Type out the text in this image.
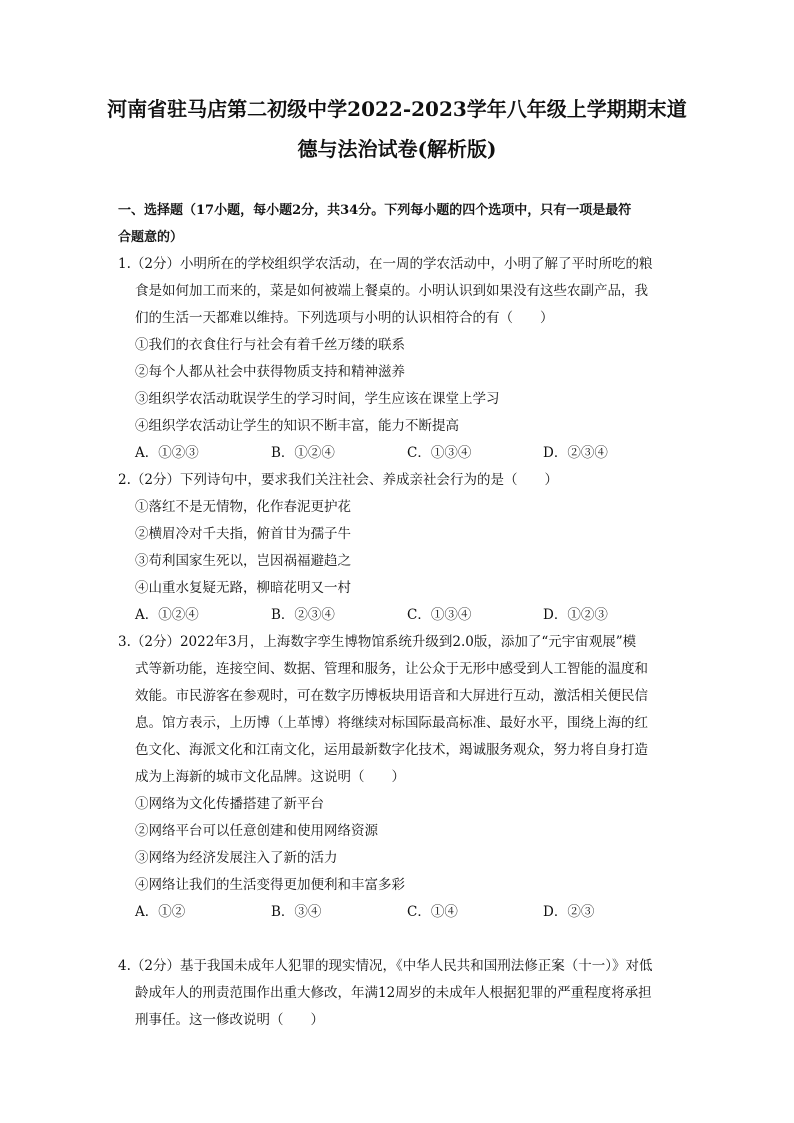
河南省驻马店第二初级中学2022-2023学年八年级上学期期末道
德与法治试卷(解析版)

一、选择题（17小题，每小题2分，共34分。下列每小题的四个选项中，只有一项是最符

合题意的）

1.（2分）小明所在的学校组织学农活动，在一周的学农活动中，小明了解了平时所吃的粮
食是如何加工而来的，菜是如何被端上餐桌的。小明认识到如果没有这些农副产品，我
们的生活一天都难以维持。下列选项与小明的认识相符合的有（　　）
①我们的衣食住行与社会有着千丝万缕的联系
②每个人都从社会中获得物质支持和精神滋养
③组织学农活动耽误学生的学习时间，学生应该在课堂上学习
④组织学农活动让学生的知识不断丰富，能力不断提高
A．①②③	B．①②④	C．①③④	D．②③④
2.（2分）下列诗句中，要求我们关注社会、养成亲社会行为的是（　　）
①落红不是无情物，化作春泥更护花
②横眉冷对千夫指，俯首甘为孺子牛
③苟利国家生死以，岂因祸福避趋之
④山重水复疑无路，柳暗花明又一村
A．①②④	B．②③④	C．①③④	D．①②③
3.（2分）2022年3月，上海数字孪生博物馆系统升级到2.0版，添加了“元宇宙观展”模
式等新功能，连接空间、数据、管理和服务，让公众于无形中感受到人工智能的温度和
效能。市民游客在参观时，可在数字历博板块用语音和大屏进行互动，激活相关便民信
息。馆方表示，上历博（上革博）将继续对标国际最高标准、最好水平，围绕上海的红
色文化、海派文化和江南文化，运用最新数字化技术，竭诚服务观众，努力将自身打造
成为上海新的城市文化品牌。这说明（　　）
①网络为文化传播搭建了新平台
②网络平台可以任意创建和使用网络资源
③网络为经济发展注入了新的活力
④网络让我们的生活变得更加便利和丰富多彩
A．①②	B．③④	C．①④	D．②③
4.（2分）基于我国未成年人犯罪的现实情况，《中华人民共和国刑法修正案（十一）》对低
龄成年人的刑责范围作出重大修改，年满12周岁的未成年人根据犯罪的严重程度将承担
刑事任。这一修改说明（　　）
